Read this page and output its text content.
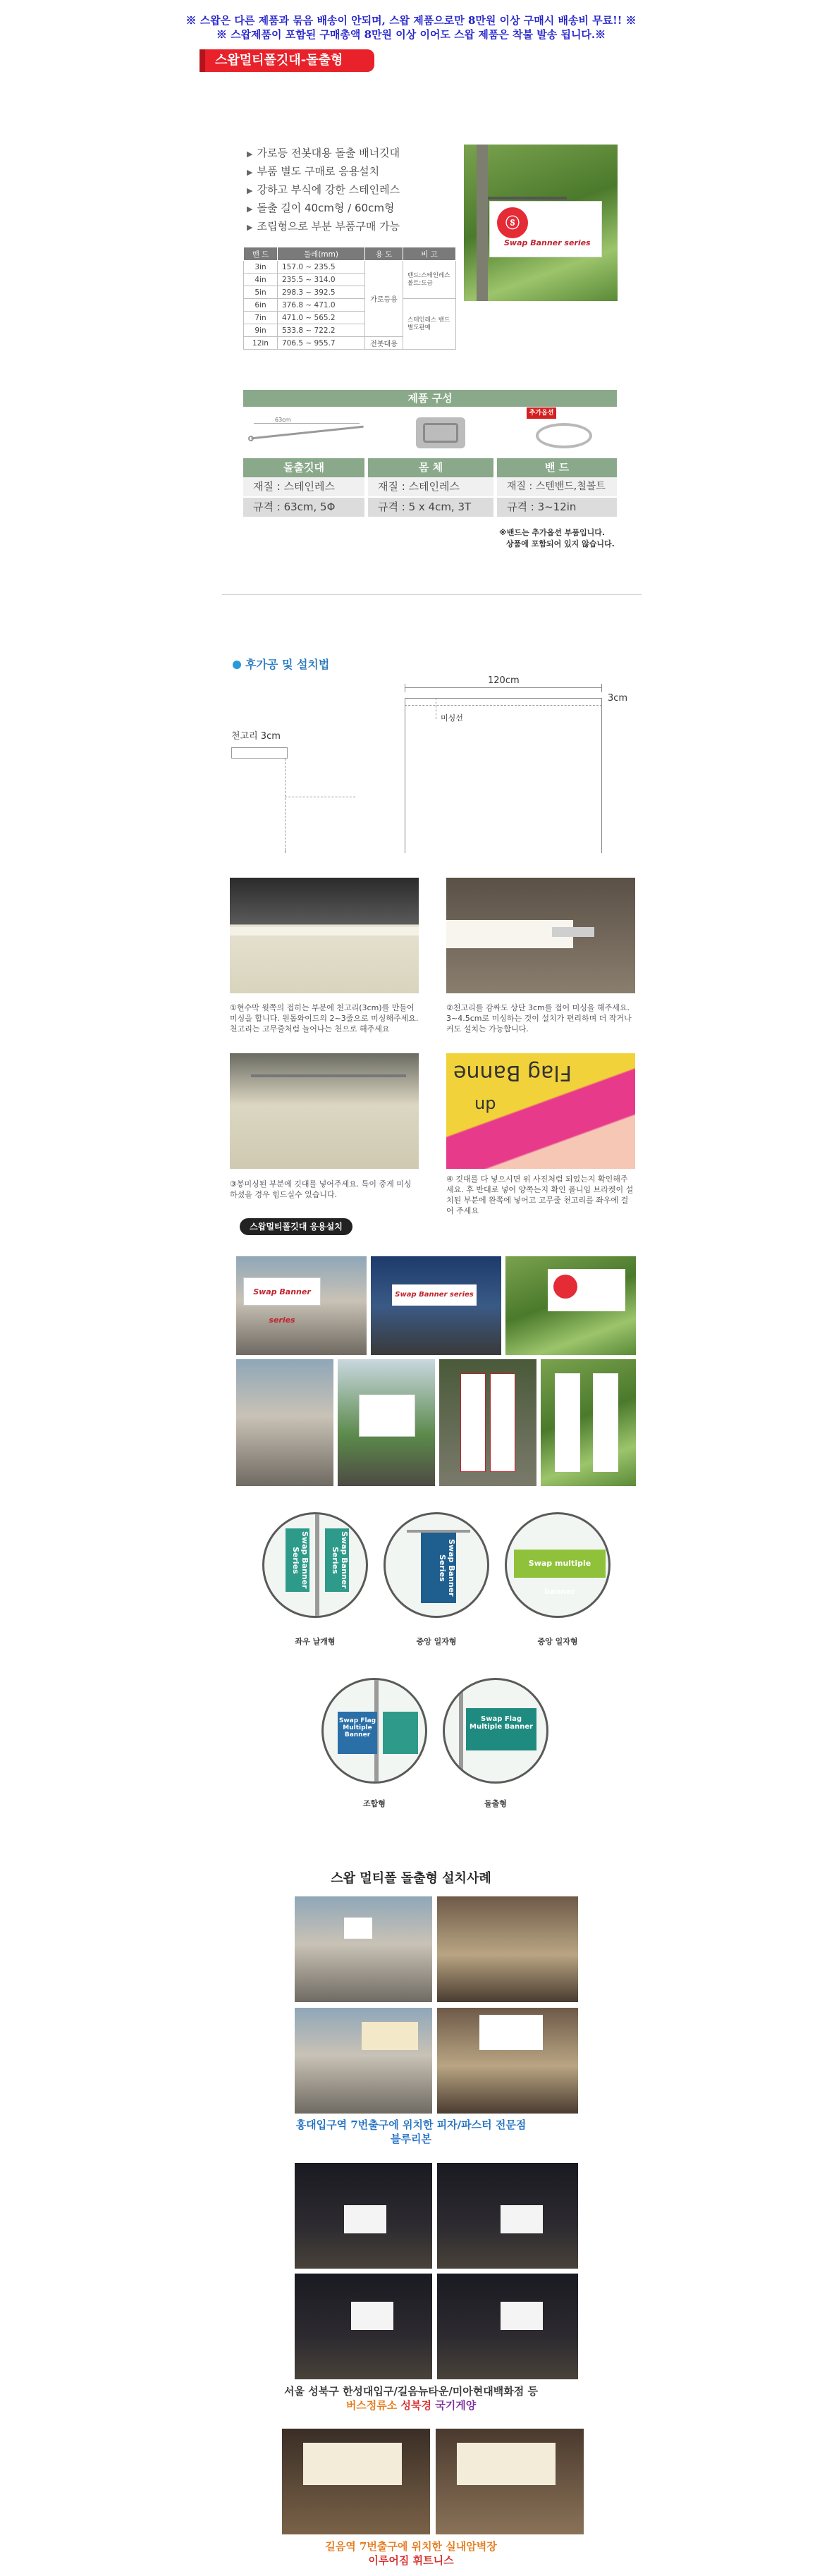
※ 스왑은 다른 제품과 묶음 배송이 안되며, 스왑 제품으로만 8만원 이상 구매시 배송비 무료!! ※
※ 스왑제품이 포함된 구매총액 8만원 이상 이어도 스왑 제품은 착불 발송 됩니다.※
스왑멀티폴깃대-돌출형
▶ 가로등 전봇대용 돌출 배너깃대
▶ 부품 별도 구매로 응용설치
▶ 강하고 부식에 강한 스테인레스
▶ 돌출 길이 40cm형 / 60cm형
▶ 조립형으로 부분 부품구매 가능	ⓢ
Swap Banner series
밴 드	둘레(mm)	용 도	비 고
3in	157.0 ~ 235.5	가로등용	밴드:스테인레스 볼트:도금
4in	235.5 ~ 314.0		
5in	298.3 ~ 392.5		
6in	376.8 ~ 471.0		스테인레스 밴드 별도판매
7in	471.0 ~ 565.2		
9in	533.8 ~ 722.2		
12in	706.5 ~ 955.7	전봇대용	
제품 구성
63cm
추가옵션
돌출깃대	몸 체	밴 드
재질 : 스테인레스	재질 : 스테인레스	재질 : 스텐밴드,철볼트
규격 : 63cm, 5Φ	규격 : 5 x 4cm, 3T	규격 : 3~12in
※밴드는 추가옵션 부품입니다.
상품에 포함되어 있지 않습니다.
후가공 및 설치법
120cm
3cm
미싱선
천고리 3cm
①현수막 윗쪽의 접히는 부분에 천고리(3cm)를 만들어 미싱을 합니다. 원톱와이드의 2~3줄으로 미싱해주세요. 천고리는 고무줄처럼 늘어나는 천으로 해주세요
②천고리를 감싸도 상단 3cm를 접어 미싱을 해주세요. 3~4.5cm로 미싱하는 것이 설치가 편리하며 더 작거나 커도 설치는 가능합니다.
Flag Banne
dn
③봉미싱된 부분에 깃대를 넣어주세요. 특이 중게 미싱하셨을 경우 힘드실수 있습니다.
④ 깃대를 다 넣으시면 위 사진처럼 되었는지 확인해주세요. 후 반대로 넣어 양쪽는지 확인 폴니임 브라켓이 설치된 부분에 완쪽에 넣어고 고무줄 천고리를 좌우에 걸어 주세요
스왑멀티폴깃대 응용설치
Swap Banner series
Swap Banner series
Swap Banner Series	Swap Banner Series
좌우 날개형
Swap Banner Series
중앙 일자형
Swap multiple banner
중앙 일자형
Swap Flag Multiple Banner
조합형
Swap Flag Multiple Banner
돌출형
스왑 멀티폴 돌출형 설치사례
홍대입구역 7번출구에 위치한 피자/파스터 전문점
블루리본
서울 성북구 한성대입구/길음뉴타운/미아현대백화점 등
버스정류소 성북경 국기게양
길음역 7번출구에 위치한 실내암벽장
이루어짐 휘트니스
